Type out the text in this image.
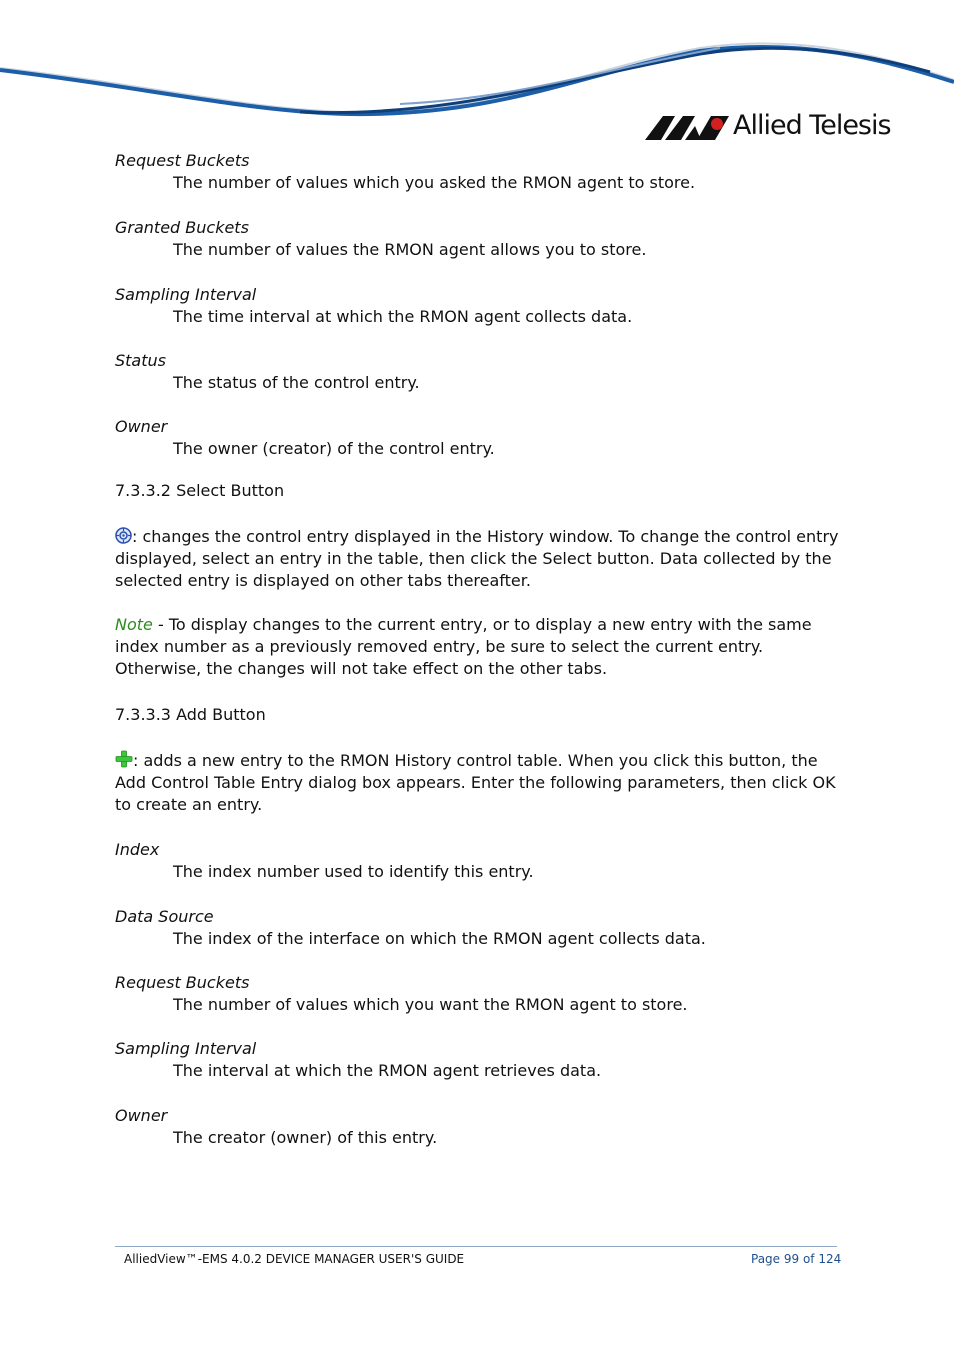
Allied Telesis
Request Buckets
The number of values which you asked the RMON agent to store.
Granted Buckets
The number of values the RMON agent allows you to store.
Sampling Interval
The time interval at which the RMON agent collects data.
Status
The status of the control entry.
Owner
The owner (creator) of the control entry.
7.3.3.2 Select Button
: changes the control entry displayed in the History window. To change the control entry displayed, select an entry in the table, then click the Select button. Data collected by the selected entry is displayed on other tabs thereafter.
Note - To display changes to the current entry, or to display a new entry with the same index number as a previously removed entry, be sure to select the current entry. Otherwise, the changes will not take effect on the other tabs.
7.3.3.3 Add Button
: adds a new entry to the RMON History control table. When you click this button, the Add Control Table Entry dialog box appears. Enter the following parameters, then click OK to create an entry.
Index
The index number used to identify this entry.
Data Source
The index of the interface on which the RMON agent collects data.
Request Buckets
The number of values which you want the RMON agent to store.
Sampling Interval
The interval at which the RMON agent retrieves data.
Owner
The creator (owner) of this entry.
AlliedView™-EMS 4.0.2 DEVICE MANAGER USER'S GUIDE	Page 99 of 124
